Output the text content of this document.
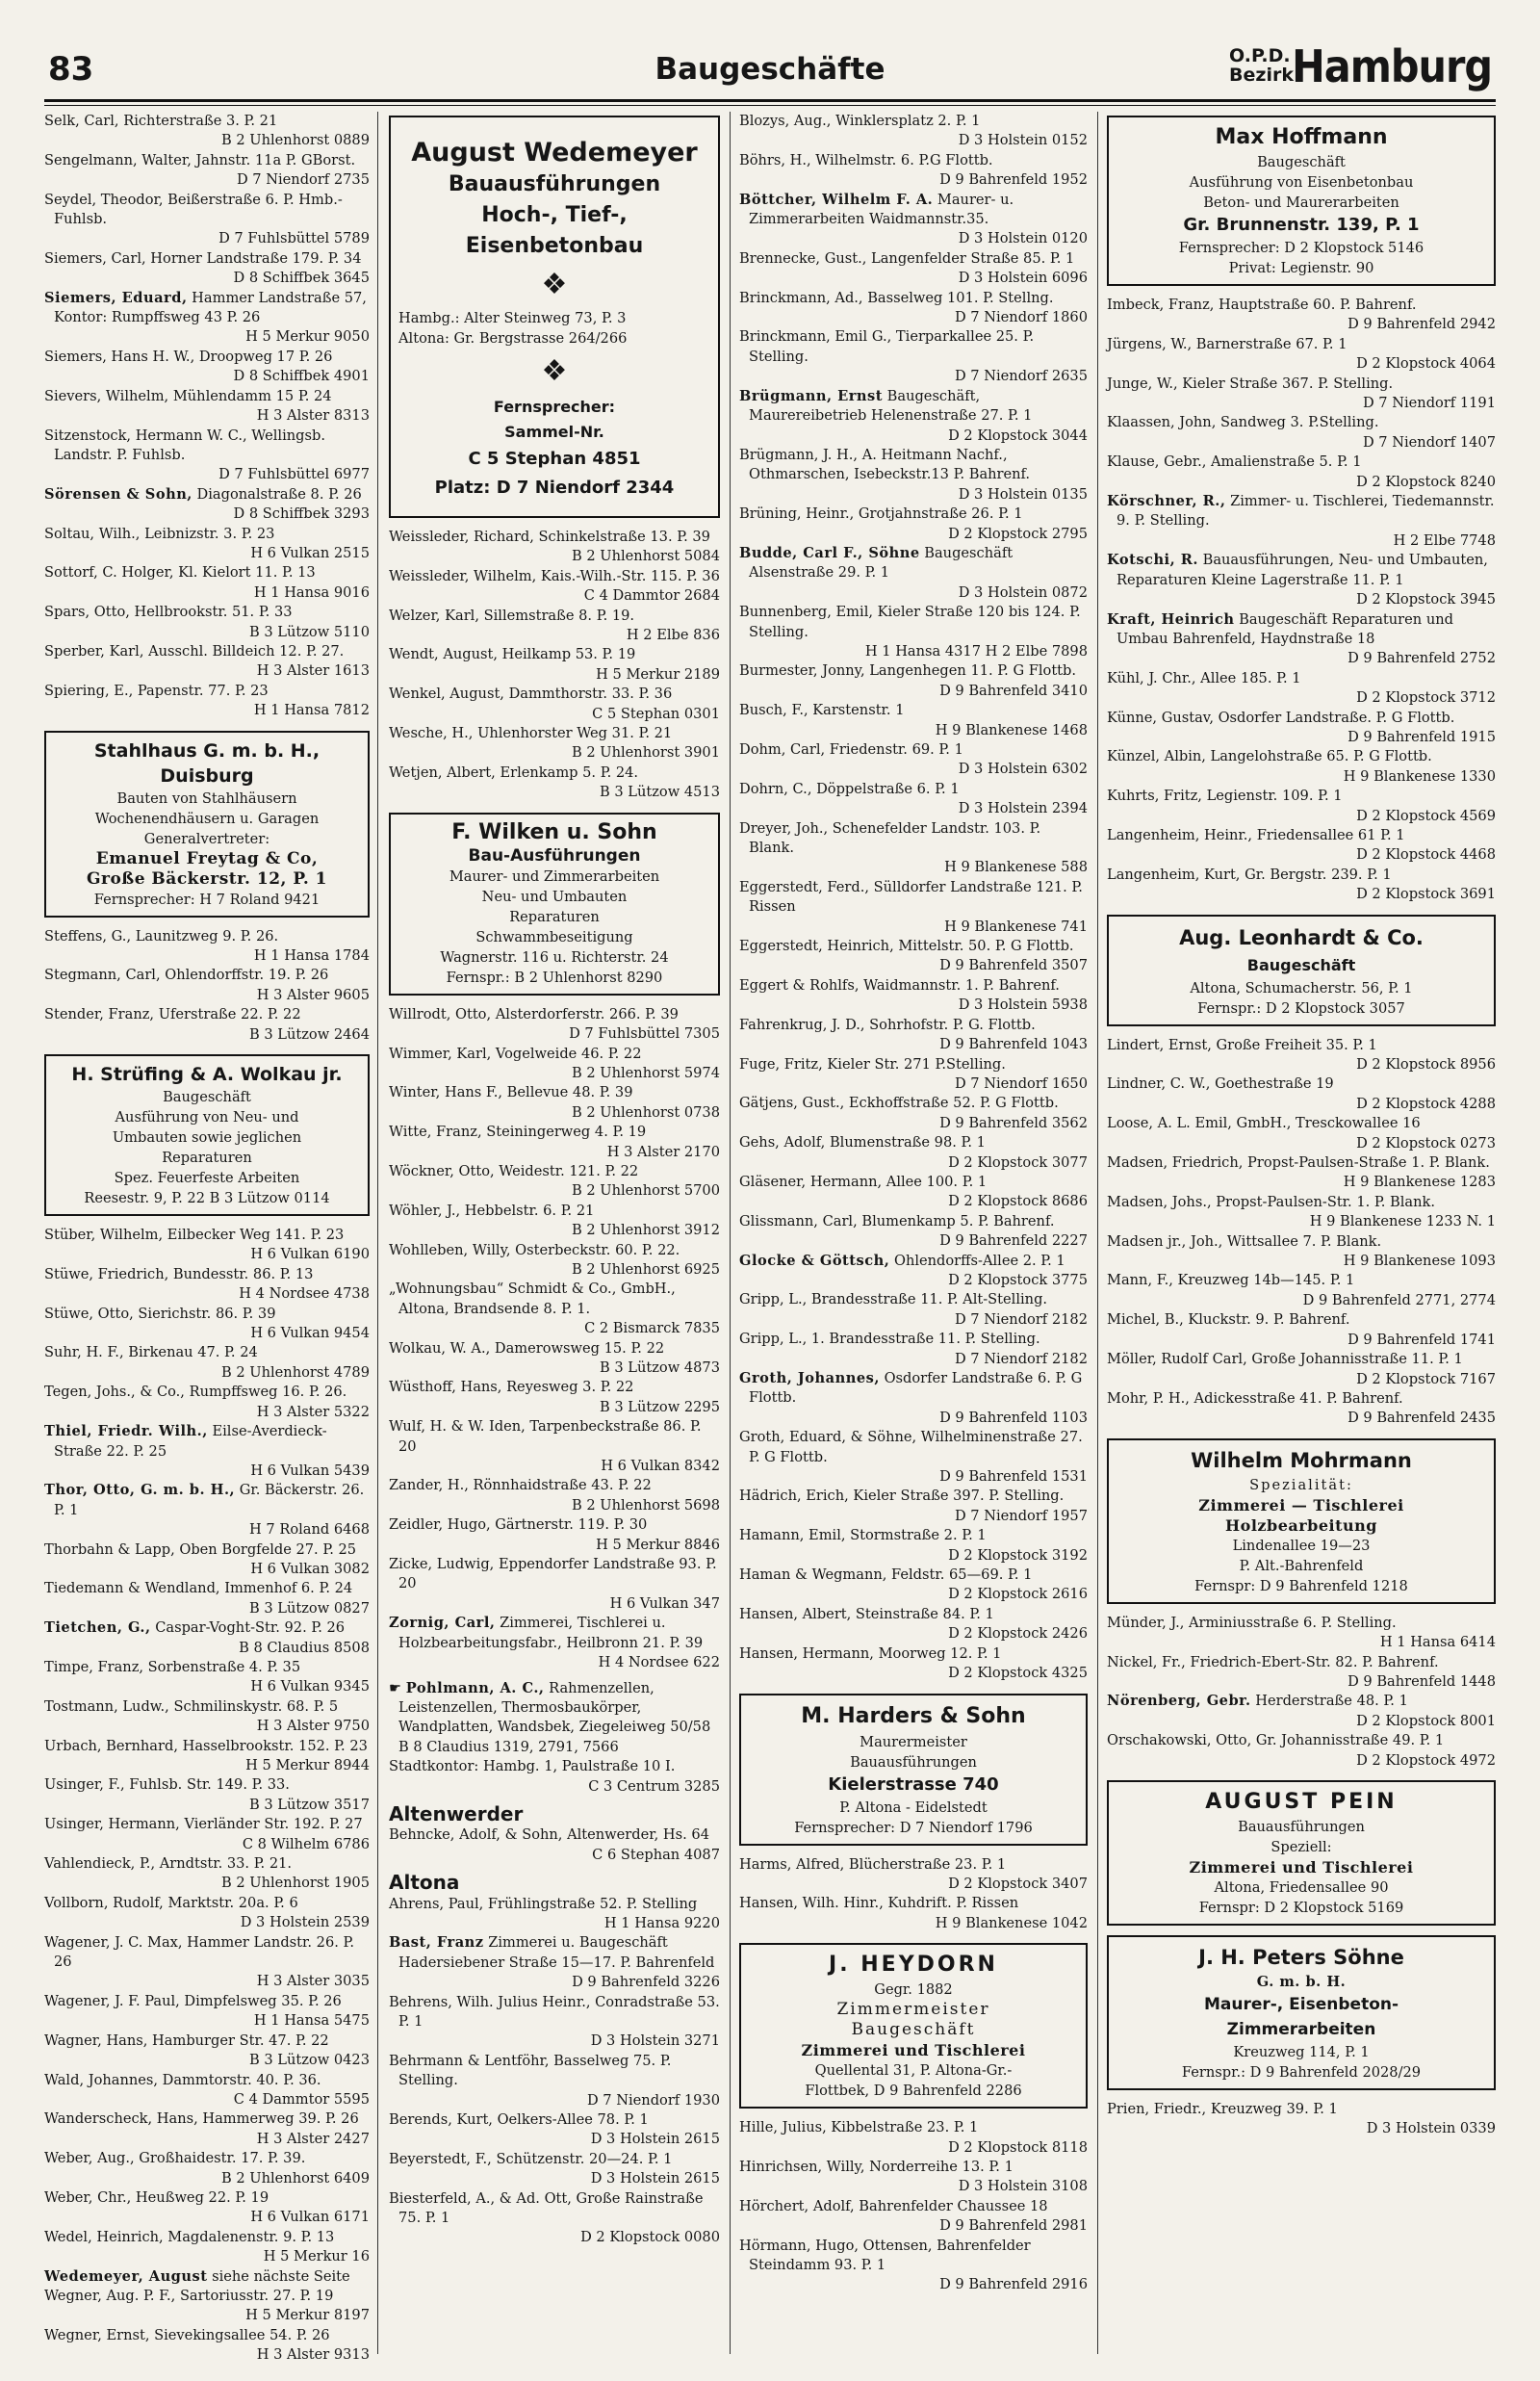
83	Baugeschäfte	O.P.D.
Bezirk
Hamburg

Selk, Carl, Richterstraße 3. P. 21
B 2 Uhlenhorst 0889

Sengelmann, Walter, Jahnstr. 11a P. GBorst.
D 7 Niendorf 2735

Seydel, Theodor, Beißerstraße 6. P. Hmb.-Fuhlsb.
D 7 Fuhlsbüttel 5789

Siemers, Carl, Horner Landstraße 179. P. 34
D 8 Schiffbek 3645

Siemers, Eduard, Hammer Landstraße 57, Kontor: Rumpffsweg 43 P. 26
H 5 Merkur 9050

Siemers, Hans H. W., Droopweg 17 P. 26
D 8 Schiffbek 4901

Sievers, Wilhelm, Mühlendamm 15 P. 24
H 3 Alster 8313

Sitzenstock, Hermann W. C., Wellingsb. Landstr. P. Fuhlsb.
D 7 Fuhlsbüttel 6977

Sörensen & Sohn, Diagonalstraße 8. P. 26
D 8 Schiffbek 3293

Soltau, Wilh., Leibnizstr. 3. P. 23
H 6 Vulkan 2515

Sottorf, C. Holger, Kl. Kielort 11. P. 13
H 1 Hansa 9016

Spars, Otto, Hellbrookstr. 51. P. 33
B 3 Lützow 5110

Sperber, Karl, Ausschl. Billdeich 12. P. 27.
H 3 Alster 1613

Spiering, E., Papenstr. 77. P. 23
H 1 Hansa 7812

Stahlhaus G. m. b. H., Duisburg

Bauten von Stahlhäusern

Wochenendhäusern u. Garagen

Generalvertreter:

Emanuel Freytag & Co,

Große Bäckerstr. 12, P. 1

Fernsprecher: H 7 Roland 9421

Steffens, G., Launitzweg 9. P. 26.
H 1 Hansa 1784

Stegmann, Carl, Ohlendorffstr. 19. P. 26
H 3 Alster 9605

Stender, Franz, Uferstraße 22. P. 22
B 3 Lützow 2464

H. Strüfing & A. Wolkau jr.

Baugeschäft

Ausführung von Neu- und

Umbauten sowie jeglichen

Reparaturen

Spez. Feuerfeste Arbeiten

Reesestr. 9, P. 22 B 3 Lützow 0114

Stüber, Wilhelm, Eilbecker Weg 141. P. 23
H 6 Vulkan 6190

Stüwe, Friedrich, Bundesstr. 86. P. 13
H 4 Nordsee 4738

Stüwe, Otto, Sierichstr. 86. P. 39
H 6 Vulkan 9454

Suhr, H. F., Birkenau 47. P. 24
B 2 Uhlenhorst 4789

Tegen, Johs., & Co., Rumpffsweg 16. P. 26.
H 3 Alster 5322

Thiel, Friedr. Wilh., Eilse-Averdieck-Straße 22. P. 25
H 6 Vulkan 5439

Thor, Otto, G. m. b. H., Gr. Bäckerstr. 26. P. 1
H 7 Roland 6468

Thorbahn & Lapp, Oben Borgfelde 27. P. 25
H 6 Vulkan 3082

Tiedemann & Wendland, Immenhof 6. P. 24
B 3 Lützow 0827

Tietchen, G., Caspar-Voght-Str. 92. P. 26
B 8 Claudius 8508

Timpe, Franz, Sorbenstraße 4. P. 35
H 6 Vulkan 9345

Tostmann, Ludw., Schmilinskystr. 68. P. 5
H 3 Alster 9750

Urbach, Bernhard, Hasselbrookstr. 152. P. 23
H 5 Merkur 8944

Usinger, F., Fuhlsb. Str. 149. P. 33.
B 3 Lützow 3517

Usinger, Hermann, Vierländer Str. 192. P. 27
C 8 Wilhelm 6786

Vahlendieck, P., Arndtstr. 33. P. 21.
B 2 Uhlenhorst 1905

Vollborn, Rudolf, Marktstr. 20a. P. 6
D 3 Holstein 2539

Wagener, J. C. Max, Hammer Landstr. 26. P. 26
H 3 Alster 3035

Wagener, J. F. Paul, Dimpfelsweg 35. P. 26
H 1 Hansa 5475

Wagner, Hans, Hamburger Str. 47. P. 22
B 3 Lützow 0423

Wald, Johannes, Dammtorstr. 40. P. 36.
C 4 Dammtor 5595

Wanderscheck, Hans, Hammerweg 39. P. 26
H 3 Alster 2427

Weber, Aug., Großhaidestr. 17. P. 39.
B 2 Uhlenhorst 6409

Weber, Chr., Heußweg 22. P. 19
H 6 Vulkan 6171

Wedel, Heinrich, Magdalenenstr. 9. P. 13
H 5 Merkur 16

Wedemeyer, August siehe nächste Seite

Wegner, Aug. P. F., Sartoriusstr. 27. P. 19
H 5 Merkur 8197

Wegner, Ernst, Sievekingsallee 54. P. 26
H 3 Alster 9313

August Wedemeyer

Bauausführungen

Hoch-, Tief-,

Eisenbetonbau

❖

Hambg.: Alter Steinweg 73, P. 3

Altona: Gr. Bergstrasse 264/266

❖

Fernsprecher:

Sammel-Nr.

C 5 Stephan 4851

Platz: D 7 Niendorf 2344

Weissleder, Richard, Schinkelstraße 13. P. 39
B 2 Uhlenhorst 5084

Weissleder, Wilhelm, Kais.-Wilh.-Str. 115. P. 36
C 4 Dammtor 2684

Welzer, Karl, Sillemstraße 8. P. 19.
H 2 Elbe 836

Wendt, August, Heilkamp 53. P. 19
H 5 Merkur 2189

Wenkel, August, Dammthorstr. 33. P. 36
C 5 Stephan 0301

Wesche, H., Uhlenhorster Weg 31. P. 21
B 2 Uhlenhorst 3901

Wetjen, Albert, Erlenkamp 5. P. 24.
B 3 Lützow 4513

F. Wilken u. Sohn

Bau-Ausführungen

Maurer- und Zimmerarbeiten

Neu- und Umbauten

Reparaturen

Schwammbeseitigung

Wagnerstr. 116 u. Richterstr. 24

Fernspr.: B 2 Uhlenhorst 8290

Willrodt, Otto, Alsterdorferstr. 266. P. 39
D 7 Fuhlsbüttel 7305

Wimmer, Karl, Vogelweide 46. P. 22
B 2 Uhlenhorst 5974

Winter, Hans F., Bellevue 48. P. 39
B 2 Uhlenhorst 0738

Witte, Franz, Steiningerweg 4. P. 19
H 3 Alster 2170

Wöckner, Otto, Weidestr. 121. P. 22
B 2 Uhlenhorst 5700

Wöhler, J., Hebbelstr. 6. P. 21
B 2 Uhlenhorst 3912

Wohlleben, Willy, Osterbeckstr. 60. P. 22.
B 2 Uhlenhorst 6925

„Wohnungsbau“ Schmidt & Co., GmbH., Altona, Brandsende 8. P. 1.
C 2 Bismarck 7835

Wolkau, W. A., Damerowsweg 15. P. 22
B 3 Lützow 4873

Wüsthoff, Hans, Reyesweg 3. P. 22
B 3 Lützow 2295

Wulf, H. & W. Iden, Tarpenbeckstraße 86. P. 20
H 6 Vulkan 8342

Zander, H., Rönnhaidstraße 43. P. 22
B 2 Uhlenhorst 5698

Zeidler, Hugo, Gärtnerstr. 119. P. 30
H 5 Merkur 8846

Zicke, Ludwig, Eppendorfer Landstraße 93. P. 20
H 6 Vulkan 347

Zornig, Carl, Zimmerei, Tischlerei u. Holzbearbeitungsfabr., Heilbronn 21. P. 39
H 4 Nordsee 622

☛ Pohlmann, A. C., Rahmenzellen, Leistenzellen, Thermosbaukörper, Wandplatten, Wandsbek, Ziegeleiweg 50/58 B 8 Claudius 1319, 2791, 7566

Stadtkontor: Hambg. 1, Paulstraße 10 I.
C 3 Centrum 3285

Altenwerder

Behncke, Adolf, & Sohn, Altenwerder, Hs. 64
C 6 Stephan 4087

Altona

Ahrens, Paul, Frühlingstraße 52. P. Stelling
H 1 Hansa 9220

Bast, Franz Zimmerei u. Baugeschäft Hadersiebener Straße 15—17. P. Bahrenfeld
D 9 Bahrenfeld 3226

Behrens, Wilh. Julius Heinr., Conradstraße 53. P. 1
D 3 Holstein 3271

Behrmann & Lentföhr, Basselweg 75. P. Stelling.
D 7 Niendorf 1930

Berends, Kurt, Oelkers-Allee 78. P. 1
D 3 Holstein 2615

Beyerstedt, F., Schützenstr. 20—24. P. 1
D 3 Holstein 2615

Biesterfeld, A., & Ad. Ott, Große Rainstraße 75. P. 1
D 2 Klopstock 0080

Blozys, Aug., Winklersplatz 2. P. 1
D 3 Holstein 0152

Böhrs, H., Wilhelmstr. 6. P.G Flottb.
D 9 Bahrenfeld 1952

Böttcher, Wilhelm F. A. Maurer- u. Zimmerarbeiten Waidmannstr.35.
D 3 Holstein 0120

Brennecke, Gust., Langenfelder Straße 85. P. 1
D 3 Holstein 6096

Brinckmann, Ad., Basselweg 101. P. Stellng.
D 7 Niendorf 1860

Brinckmann, Emil G., Tierparkallee 25. P. Stelling.
D 7 Niendorf 2635

Brügmann, Ernst Baugeschäft, Maurereibetrieb Helenenstraße 27. P. 1
D 2 Klopstock 3044

Brügmann, J. H., A. Heitmann Nachf., Othmarschen, Isebeckstr.13 P. Bahrenf.
D 3 Holstein 0135

Brüning, Heinr., Grotjahnstraße 26. P. 1
D 2 Klopstock 2795

Budde, Carl F., Söhne Baugeschäft Alsenstraße 29. P. 1
D 3 Holstein 0872

Bunnenberg, Emil, Kieler Straße 120 bis 124. P. Stelling.
H 1 Hansa 4317 H 2 Elbe 7898

Burmester, Jonny, Langenhegen 11. P. G Flottb.
D 9 Bahrenfeld 3410

Busch, F., Karstenstr. 1
H 9 Blankenese 1468

Dohm, Carl, Friedenstr. 69. P. 1
D 3 Holstein 6302

Dohrn, C., Döppelstraße 6. P. 1
D 3 Holstein 2394

Dreyer, Joh., Schenefelder Landstr. 103. P. Blank.
H 9 Blankenese 588

Eggerstedt, Ferd., Sülldorfer Landstraße 121. P. Rissen
H 9 Blankenese 741

Eggerstedt, Heinrich, Mittelstr. 50. P. G Flottb.
D 9 Bahrenfeld 3507

Eggert & Rohlfs, Waidmannstr. 1. P. Bahrenf.
D 3 Holstein 5938

Fahrenkrug, J. D., Sohrhofstr. P. G. Flottb.
D 9 Bahrenfeld 1043

Fuge, Fritz, Kieler Str. 271 P.Stelling.
D 7 Niendorf 1650

Gätjens, Gust., Eckhoffstraße 52. P. G Flottb.
D 9 Bahrenfeld 3562

Gehs, Adolf, Blumenstraße 98. P. 1
D 2 Klopstock 3077

Gläsener, Hermann, Allee 100. P. 1
D 2 Klopstock 8686

Glissmann, Carl, Blumenkamp 5. P. Bahrenf.
D 9 Bahrenfeld 2227

Glocke & Göttsch, Ohlendorffs-Allee 2. P. 1
D 2 Klopstock 3775

Gripp, L., Brandesstraße 11. P. Alt-Stelling.
D 7 Niendorf 2182

Gripp, L., 1. Brandesstraße 11. P. Stelling.
D 7 Niendorf 2182

Groth, Johannes, Osdorfer Landstraße 6. P. G Flottb.
D 9 Bahrenfeld 1103

Groth, Eduard, & Söhne, Wilhelminenstraße 27. P. G Flottb.
D 9 Bahrenfeld 1531

Hädrich, Erich, Kieler Straße 397. P. Stelling.
D 7 Niendorf 1957

Hamann, Emil, Stormstraße 2. P. 1
D 2 Klopstock 3192

Haman & Wegmann, Feldstr. 65—69. P. 1
D 2 Klopstock 2616

Hansen, Albert, Steinstraße 84. P. 1
D 2 Klopstock 2426

Hansen, Hermann, Moorweg 12. P. 1
D 2 Klopstock 4325

M. Harders & Sohn

Maurermeister

Bauausführungen

Kielerstrasse 740

P. Altona - Eidelstedt

Fernsprecher: D 7 Niendorf 1796

Harms, Alfred, Blücherstraße 23. P. 1
D 2 Klopstock 3407

Hansen, Wilh. Hinr., Kuhdrift. P. Rissen
H 9 Blankenese 1042

J. HEYDORN

Gegr. 1882

Zimmermeister

Baugeschäft

Zimmerei und Tischlerei

Quellental 31, P. Altona-Gr.-

Flottbek, D 9 Bahrenfeld 2286

Hille, Julius, Kibbelstraße 23. P. 1
D 2 Klopstock 8118

Hinrichsen, Willy, Norderreihe 13. P. 1
D 3 Holstein 3108

Hörchert, Adolf, Bahrenfelder Chaussee 18
D 9 Bahrenfeld 2981

Hörmann, Hugo, Ottensen, Bahrenfelder Steindamm 93. P. 1
D 9 Bahrenfeld 2916

Max Hoffmann

Baugeschäft

Ausführung von Eisenbetonbau

Beton- und Maurerarbeiten

Gr. Brunnenstr. 139, P. 1

Fernsprecher: D 2 Klopstock 5146

Privat: Legienstr. 90

Imbeck, Franz, Hauptstraße 60. P. Bahrenf.
D 9 Bahrenfeld 2942

Jürgens, W., Barnerstraße 67. P. 1
D 2 Klopstock 4064

Junge, W., Kieler Straße 367. P. Stelling.
D 7 Niendorf 1191

Klaassen, John, Sandweg 3. P.Stelling.
D 7 Niendorf 1407

Klause, Gebr., Amalienstraße 5. P. 1
D 2 Klopstock 8240

Körschner, R., Zimmer- u. Tischlerei, Tiedemannstr. 9. P. Stelling.
H 2 Elbe 7748

Kotschi, R. Bauausführungen, Neu- und Umbauten, Reparaturen Kleine Lagerstraße 11. P. 1
D 2 Klopstock 3945

Kraft, Heinrich Baugeschäft Reparaturen und Umbau Bahrenfeld, Haydnstraße 18
D 9 Bahrenfeld 2752

Kühl, J. Chr., Allee 185. P. 1
D 2 Klopstock 3712

Künne, Gustav, Osdorfer Landstraße. P. G Flottb.
D 9 Bahrenfeld 1915

Künzel, Albin, Langelohstraße 65. P. G Flottb.
H 9 Blankenese 1330

Kuhrts, Fritz, Legienstr. 109. P. 1
D 2 Klopstock 4569

Langenheim, Heinr., Friedensallee 61 P. 1
D 2 Klopstock 4468

Langenheim, Kurt, Gr. Bergstr. 239. P. 1
D 2 Klopstock 3691

Aug. Leonhardt & Co.

Baugeschäft

Altona, Schumacherstr. 56, P. 1

Fernspr.: D 2 Klopstock 3057

Lindert, Ernst, Große Freiheit 35. P. 1
D 2 Klopstock 8956

Lindner, C. W., Goethestraße 19
D 2 Klopstock 4288

Loose, A. L. Emil, GmbH., Tresckowallee 16
D 2 Klopstock 0273

Madsen, Friedrich, Propst-Paulsen-Straße 1. P. Blank.
H 9 Blankenese 1283

Madsen, Johs., Propst-Paulsen-Str. 1. P. Blank.
H 9 Blankenese 1233 N. 1

Madsen jr., Joh., Wittsallee 7. P. Blank.
H 9 Blankenese 1093

Mann, F., Kreuzweg 14b—145. P. 1
D 9 Bahrenfeld 2771, 2774

Michel, B., Kluckstr. 9. P. Bahrenf.
D 9 Bahrenfeld 1741

Möller, Rudolf Carl, Große Johannisstraße 11. P. 1
D 2 Klopstock 7167

Mohr, P. H., Adickesstraße 41. P. Bahrenf.
D 9 Bahrenfeld 2435

Wilhelm Mohrmann

Spezialität:

Zimmerei — Tischlerei

Holzbearbeitung

Lindenallee 19—23

P. Alt.-Bahrenfeld

Fernspr: D 9 Bahrenfeld 1218

Münder, J., Arminiusstraße 6. P. Stelling.
H 1 Hansa 6414

Nickel, Fr., Friedrich-Ebert-Str. 82. P. Bahrenf.
D 9 Bahrenfeld 1448

Nörenberg, Gebr. Herderstraße 48. P. 1
D 2 Klopstock 8001

Orschakowski, Otto, Gr. Johannisstraße 49. P. 1
D 2 Klopstock 4972

AUGUST PEIN

Bauausführungen

Speziell:

Zimmerei und Tischlerei

Altona, Friedensallee 90

Fernspr: D 2 Klopstock 5169

J. H. Peters Söhne

G. m. b. H.

Maurer-, Eisenbeton-

Zimmerarbeiten

Kreuzweg 114, P. 1

Fernspr.: D 9 Bahrenfeld 2028/29

Prien, Friedr., Kreuzweg 39. P. 1
D 3 Holstein 0339
